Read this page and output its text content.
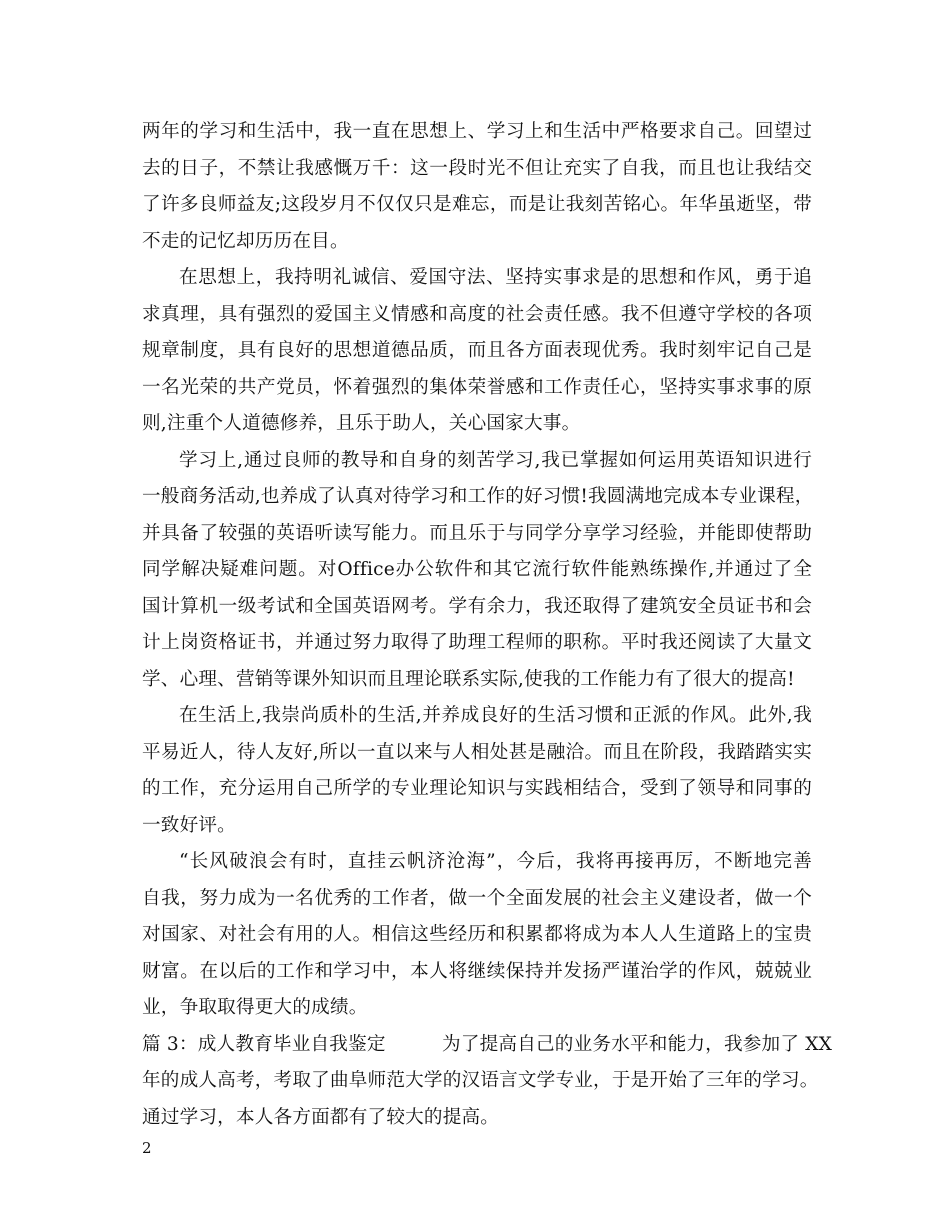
两年的学习和生活中，我一直在思想上、学习上和生活中严格要求自己。回望过
去的日子，不禁让我感慨万千：这一段时光不但让充实了自我，而且也让我结交
了许多良师益友;这段岁月不仅仅只是难忘，而是让我刻苦铭心。年华虽逝坚，带
不走的记忆却历历在目。
在思想上，我持明礼诚信、爱国守法、坚持实事求是的思想和作风，勇于追
求真理，具有强烈的爱国主义情感和高度的社会责任感。我不但遵守学校的各项
规章制度，具有良好的思想道德品质，而且各方面表现优秀。我时刻牢记自己是
一名光荣的共产党员，怀着强烈的集体荣誉感和工作责任心，坚持实事求事的原
则,注重个人道德修养，且乐于助人，关心国家大事。
学习上,通过良师的教导和自身的刻苦学习,我已掌握如何运用英语知识进行
一般商务活动,也养成了认真对待学习和工作的好习惯!我圆满地完成本专业课程，
并具备了较强的英语听读写能力。而且乐于与同学分享学习经验，并能即使帮助
同学解决疑难问题。对Office办公软件和其它流行软件能熟练操作,并通过了全
国计算机一级考试和全国英语网考。学有余力，我还取得了建筑安全员证书和会
计上岗资格证书，并通过努力取得了助理工程师的职称。平时我还阅读了大量文
学、心理、营销等课外知识而且理论联系实际,使我的工作能力有了很大的提高!
在生活上,我崇尚质朴的生活,并养成良好的生活习惯和正派的作风。此外,我
平易近人，待人友好,所以一直以来与人相处甚是融洽。而且在阶段，我踏踏实实
的工作，充分运用自己所学的专业理论知识与实践相结合，受到了领导和同事的
一致好评。
“长风破浪会有时，直挂云帆济沧海”，今后，我将再接再厉，不断地完善
自我，努力成为一名优秀的工作者，做一个全面发展的社会主义建设者，做一个
对国家、对社会有用的人。相信这些经历和积累都将成为本人人生道路上的宝贵
财富。在以后的工作和学习中，本人将继续保持并发扬严谨治学的作风，兢兢业
业，争取取得更大的成绩。
篇 3：成人教育毕业自我鉴定　　　为了提高自己的业务水平和能力，我参加了 XX
年的成人高考，考取了曲阜师范大学的汉语言文学专业，于是开始了三年的学习。
通过学习，本人各方面都有了较大的提高。
2
